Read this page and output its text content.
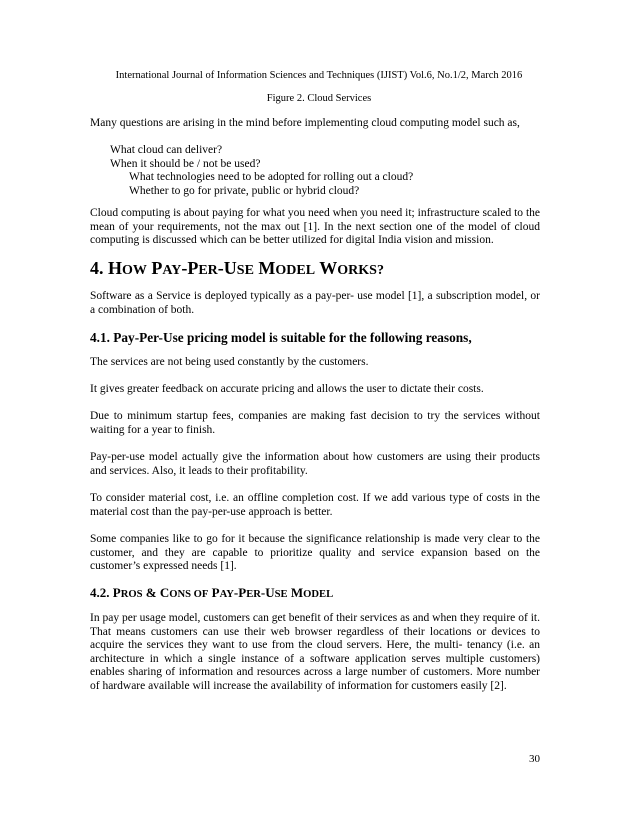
International Journal of Information Sciences and Techniques (IJIST) Vol.6, No.1/2, March 2016
Figure 2. Cloud Services
Many questions are arising in the mind before implementing cloud computing model such as,
What cloud can deliver?
When it should be / not be used?
What technologies need to be adopted for rolling out a cloud?
Whether to go for private, public or hybrid cloud?

Cloud computing is about paying for what you need when you need it; infrastructure scaled to the mean of your requirements, not the max out [1]. In the next section one of the model of cloud computing is discussed which can be better utilized for digital India vision and mission.

4. HOW PAY-PER-USE MODEL WORKS?

Software as a Service is deployed typically as a pay-per- use model [1], a subscription model, or a combination of both.

4.1. Pay-Per-Use pricing model is suitable for the following reasons,

The services are not being used constantly by the customers.

It gives greater feedback on accurate pricing and allows the user to dictate their costs.

Due to minimum startup fees, companies are making fast decision to try the services without waiting for a year to finish.

Pay-per-use model actually give the information about how customers are using their products and services. Also, it leads to their profitability.

To consider material cost, i.e. an offline completion cost. If we add various type of costs in the material cost than the pay-per-use approach is better.

Some companies like to go for it because the significance relationship is made very clear to the customer, and they are capable to prioritize quality and service expansion based on the customer’s expressed needs [1].

4.2. PROS & CONS OF PAY-PER-USE MODEL

In pay per usage model, customers can get benefit of their services as and when they require of it. That means customers can use their web browser regardless of their locations or devices to acquire the services they want to use from the cloud servers. Here, the multi- tenancy (i.e. an architecture in which a single instance of a software application serves multiple customers) enables sharing of information and resources across a large number of customers. More number of hardware available will increase the availability of information for customers easily [2].

30
